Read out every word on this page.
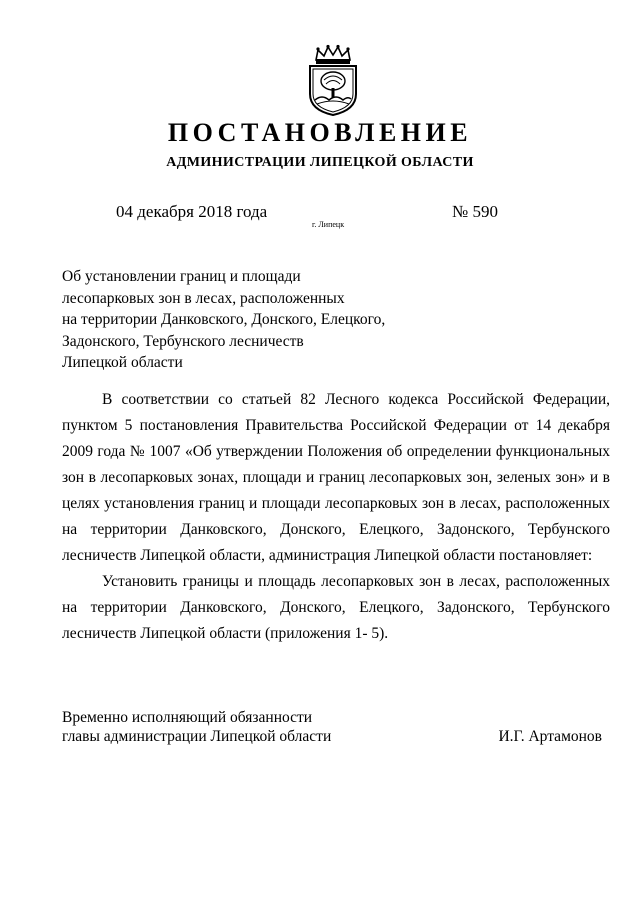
ПОСТАНОВЛЕНИЕ
АДМИНИСТРАЦИИ ЛИПЕЦКОЙ ОБЛАСТИ
04 декабря 2018 года
г. Липецк
№ 590
Об установлении границ и площади
лесопарковых зон в лесах, расположенных
на территории Данковского, Донского, Елецкого,
Задонского, Тербунского лесничеств
Липецкой области

В соответствии со статьей 82 Лесного кодекса Российской Федерации, пунктом 5 постановления Правительства Российской Федерации от 14 декабря 2009 года № 1007 «Об утверждении Положения об определении функциональных зон в лесопарковых зонах, площади и границ лесопарковых зон, зеленых зон» и в целях установления границ и площади лесопарковых зон в лесах, расположенных на территории Данковского, Донского, Елецкого, Задонского, Тербунского лесничеств Липецкой области, администрация Липецкой области постановляет:

Установить границы и площадь лесопарковых зон в лесах, расположенных на территории Данковского, Донского, Елецкого, Задонского, Тербунского лесничеств Липецкой области (приложения 1- 5).

Временно исполняющий обязанности
главы администрации Липецкой области	И.Г. Артамонов
